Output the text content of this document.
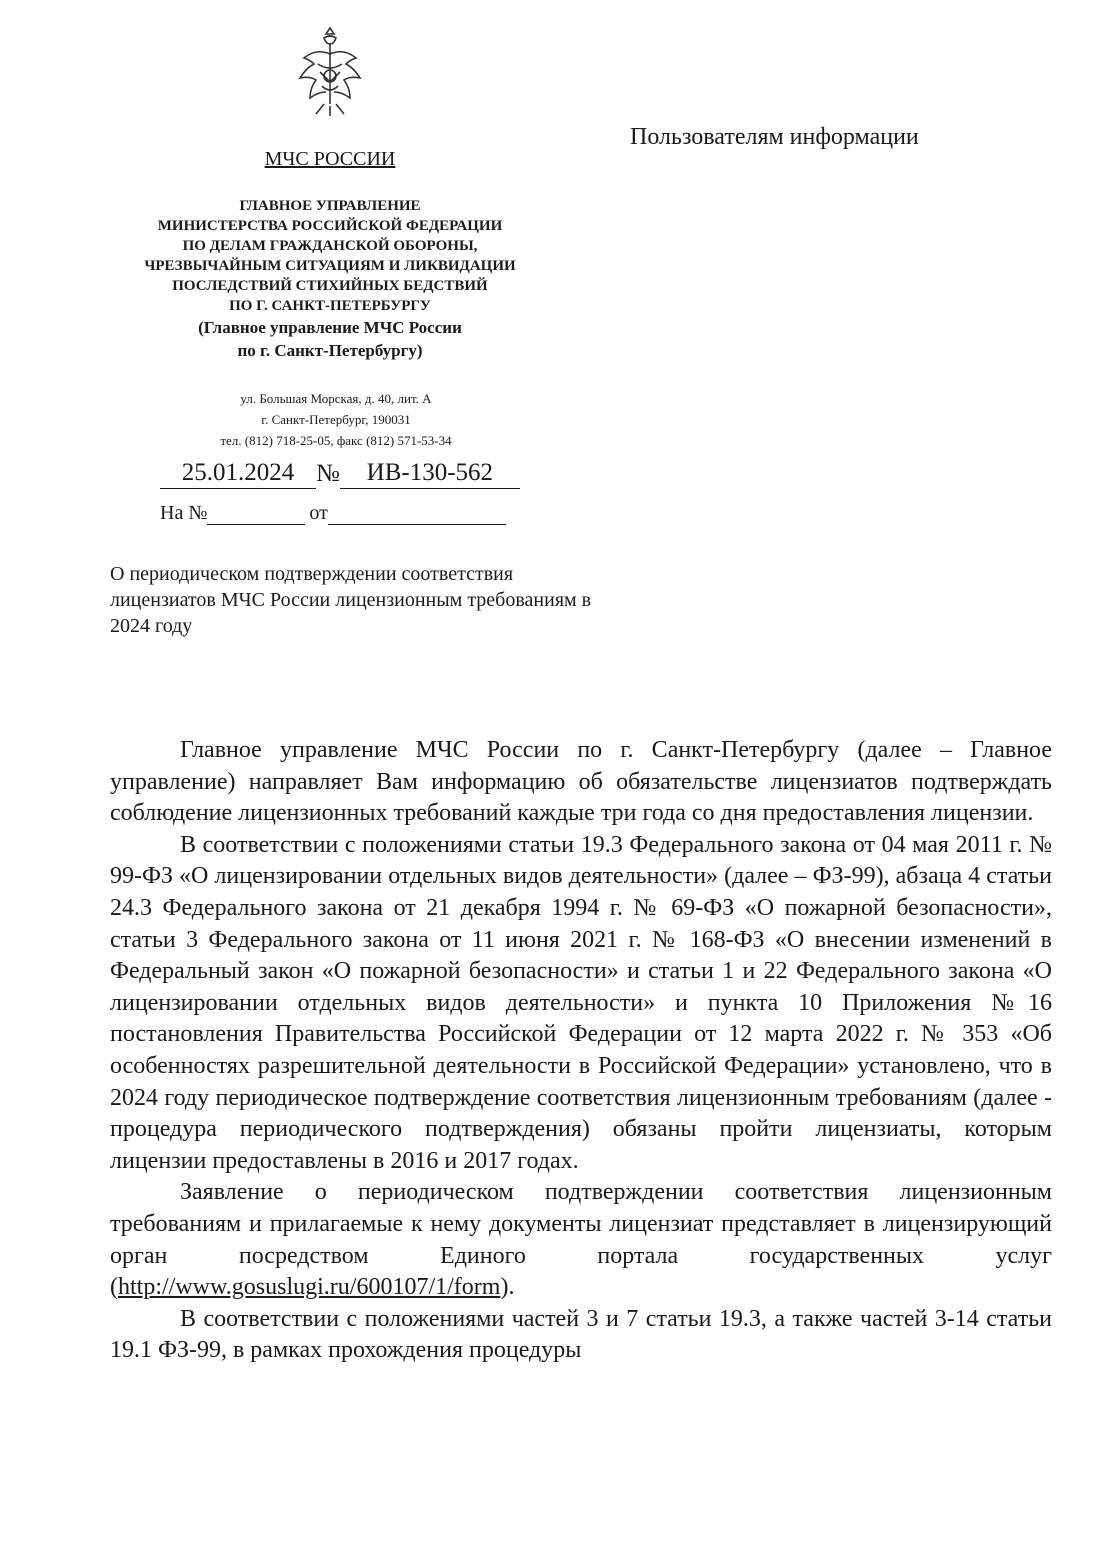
МЧС РОССИИ
Пользователям информации
ГЛАВНОЕ УПРАВЛЕНИЕ
МИНИСТЕРСТВА РОССИЙСКОЙ ФЕДЕРАЦИИ
ПО ДЕЛАМ ГРАЖДАНСКОЙ ОБОРОНЫ,
ЧРЕЗВЫЧАЙНЫМ СИТУАЦИЯМ И ЛИКВИДАЦИИ
ПОСЛЕДСТВИЙ СТИХИЙНЫХ БЕДСТВИЙ
ПО Г. САНКТ-ПЕТЕРБУРГУ
(Главное управление МЧС России
по г. Санкт-Петербургу)
ул. Большая Морская, д. 40, лит. А
г. Санкт-Петербург, 190031
тел. (812) 718-25-05, факс (812) 571-53-34
25.01.2024 № ИВ-130-562
На №	от
О периодическом подтверждении соответствия лицензиатов МЧС России лицензионным требованиям в 2024 году

Главное управление МЧС России по г. Санкт-Петербургу (далее – Главное управление) направляет Вам информацию об обязательстве лицензиатов подтверждать соблюдение лицензионных требований каждые три года со дня предоставления лицензии.

В соответствии с положениями статьи 19.3 Федерального закона от 04 мая 2011 г. № 99-ФЗ «О лицензировании отдельных видов деятельности» (далее – ФЗ-99), абзаца 4 статьи 24.3 Федерального закона от 21 декабря 1994 г. № 69-ФЗ «О пожарной безопасности», статьи 3 Федерального закона от 11 июня 2021 г. № 168-ФЗ «О внесении изменений в Федеральный закон «О пожарной безопасности» и статьи 1 и 22 Федерального закона «О лицензировании отдельных видов деятельности» и пункта 10 Приложения №16 постановления Правительства Российской Федерации от 12 марта 2022 г. № 353 «Об особенностях разрешительной деятельности в Российской Федерации» установлено, что в 2024 году периодическое подтверждение соответствия лицензионным требованиям (далее - процедура периодического подтверждения) обязаны пройти лицензиаты, которым лицензии предоставлены в 2016 и 2017 годах.

Заявление о периодическом подтверждении соответствия лицензионным требованиям и прилагаемые к нему документы лицензиат представляет в лицензирующий орган посредством Единого портала государственных услуг (http://www.gosuslugi.ru/600107/1/form).

В соответствии с положениями частей 3 и 7 статьи 19.3, а также частей 3-14 статьи 19.1 ФЗ-99, в рамках прохождения процедуры
